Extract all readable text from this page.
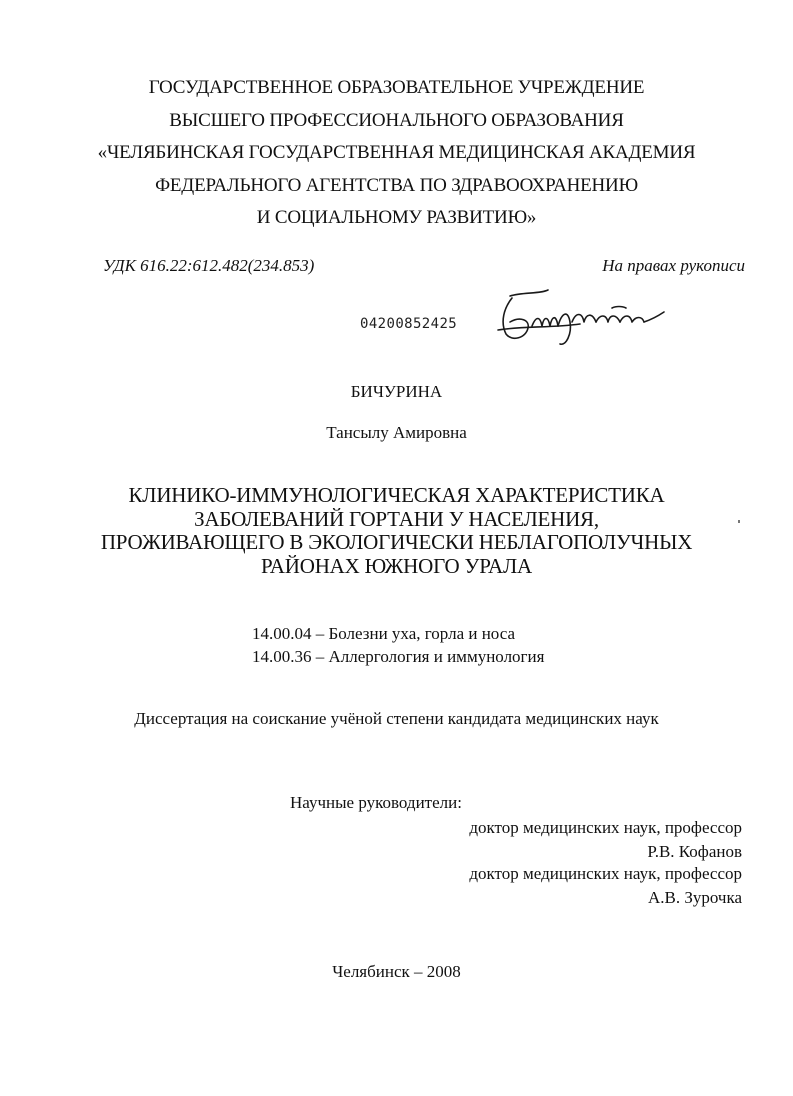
ГОСУДАРСТВЕННОЕ ОБРАЗОВАТЕЛЬНОЕ УЧРЕЖДЕНИЕ
ВЫСШЕГО ПРОФЕССИОНАЛЬНОГО ОБРАЗОВАНИЯ
«ЧЕЛЯБИНСКАЯ ГОСУДАРСТВЕННАЯ МЕДИЦИНСКАЯ АКАДЕМИЯ
ФЕДЕРАЛЬНОГО АГЕНТСТВА ПО ЗДРАВООХРАНЕНИЮ
И СОЦИАЛЬНОМУ РАЗВИТИЮ»
УДК 616.22:612.482(234.853)	На правах рукописи
04200852425
БИЧУРИНА
Тансылу Амировна
КЛИНИКО-ИММУНОЛОГИЧЕСКАЯ ХАРАКТЕРИСТИКА
ЗАБОЛЕВАНИЙ ГОРТАНИ У НАСЕЛЕНИЯ,
ПРОЖИВАЮЩЕГО В ЭКОЛОГИЧЕСКИ НЕБЛАГОПОЛУЧНЫХ
РАЙОНАХ ЮЖНОГО УРАЛА
14.00.04 – Болезни уха, горла и носа
14.00.36 – Аллергология и иммунология
Диссертация на соискание учёной степени кандидата медицинских наук
Научные руководители:
доктор медицинских наук, профессор
Р.В. Кофанов
доктор медицинских наук, профессор
А.В. Зурочка
Челябинск – 2008
